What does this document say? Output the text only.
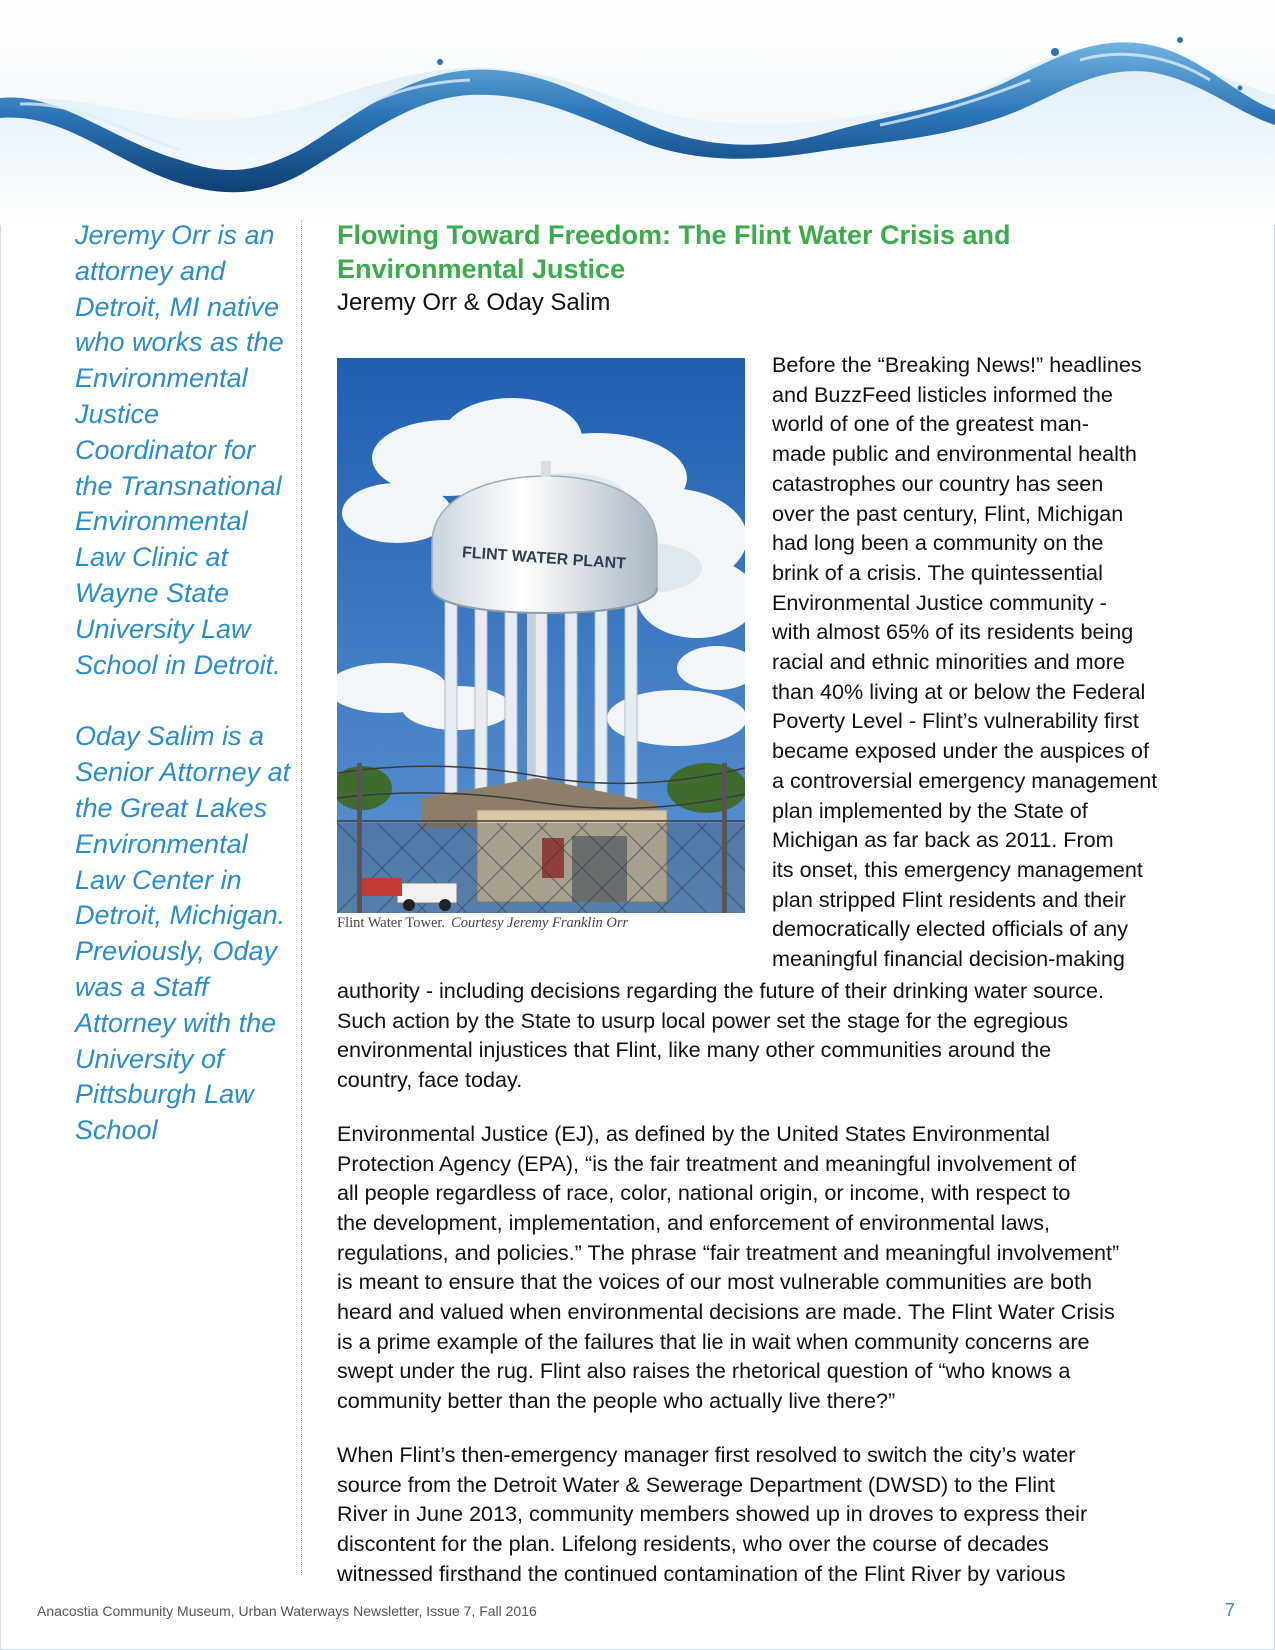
Jeremy Orr is an attorney and Detroit, MI native who works as the Environmental Justice Coordinator for the Transnational Environmental Law Clinic at Wayne State University Law School in Detroit.

Oday Salim is a Senior Attorney at the Great Lakes Environmental Law Center in Detroit, Michigan. Previously, Oday was a Staff Attorney with the University of Pittsburgh Law School

Flowing Toward Freedom: The Flint Water Crisis and Environmental Justice
Jeremy Orr & Oday Salim
FLINT WATER PLANT
Flint Water Tower. Courtesy Jeremy Franklin Orr
Before the “Breaking News!” headlines
and BuzzFeed listicles informed the
world of one of the greatest man-
made public and environmental health
catastrophes our country has seen
over the past century, Flint, Michigan
had long been a community on the
brink of a crisis. The quintessential
Environmental Justice community -
with almost 65% of its residents being
racial and ethnic minorities and more
than 40% living at or below the Federal
Poverty Level - Flint’s vulnerability first
became exposed under the auspices of
a controversial emergency management
plan implemented by the State of
Michigan as far back as 2011. From
its onset, this emergency management
plan stripped Flint residents and their
democratically elected officials of any
meaningful financial decision-making
authority - including decisions regarding the future of their drinking water source.
Such action by the State to usurp local power set the stage for the egregious
environmental injustices that Flint, like many other communities around the
country, face today.
Environmental Justice (EJ), as defined by the United States Environmental
Protection Agency (EPA), “is the fair treatment and meaningful involvement of
all people regardless of race, color, national origin, or income, with respect to
the development, implementation, and enforcement of environmental laws,
regulations, and policies.” The phrase “fair treatment and meaningful involvement”
is meant to ensure that the voices of our most vulnerable communities are both
heard and valued when environmental decisions are made. The Flint Water Crisis
is a prime example of the failures that lie in wait when community concerns are
swept under the rug. Flint also raises the rhetorical question of “who knows a
community better than the people who actually live there?”
When Flint’s then-emergency manager first resolved to switch the city’s water
source from the Detroit Water & Sewerage Department (DWSD) to the Flint
River in June 2013, community members showed up in droves to express their
discontent for the plan. Lifelong residents, who over the course of decades
witnessed firsthand the continued contamination of the Flint River by various
Anacostia Community Museum, Urban Waterways Newsletter, Issue 7, Fall 2016	7
